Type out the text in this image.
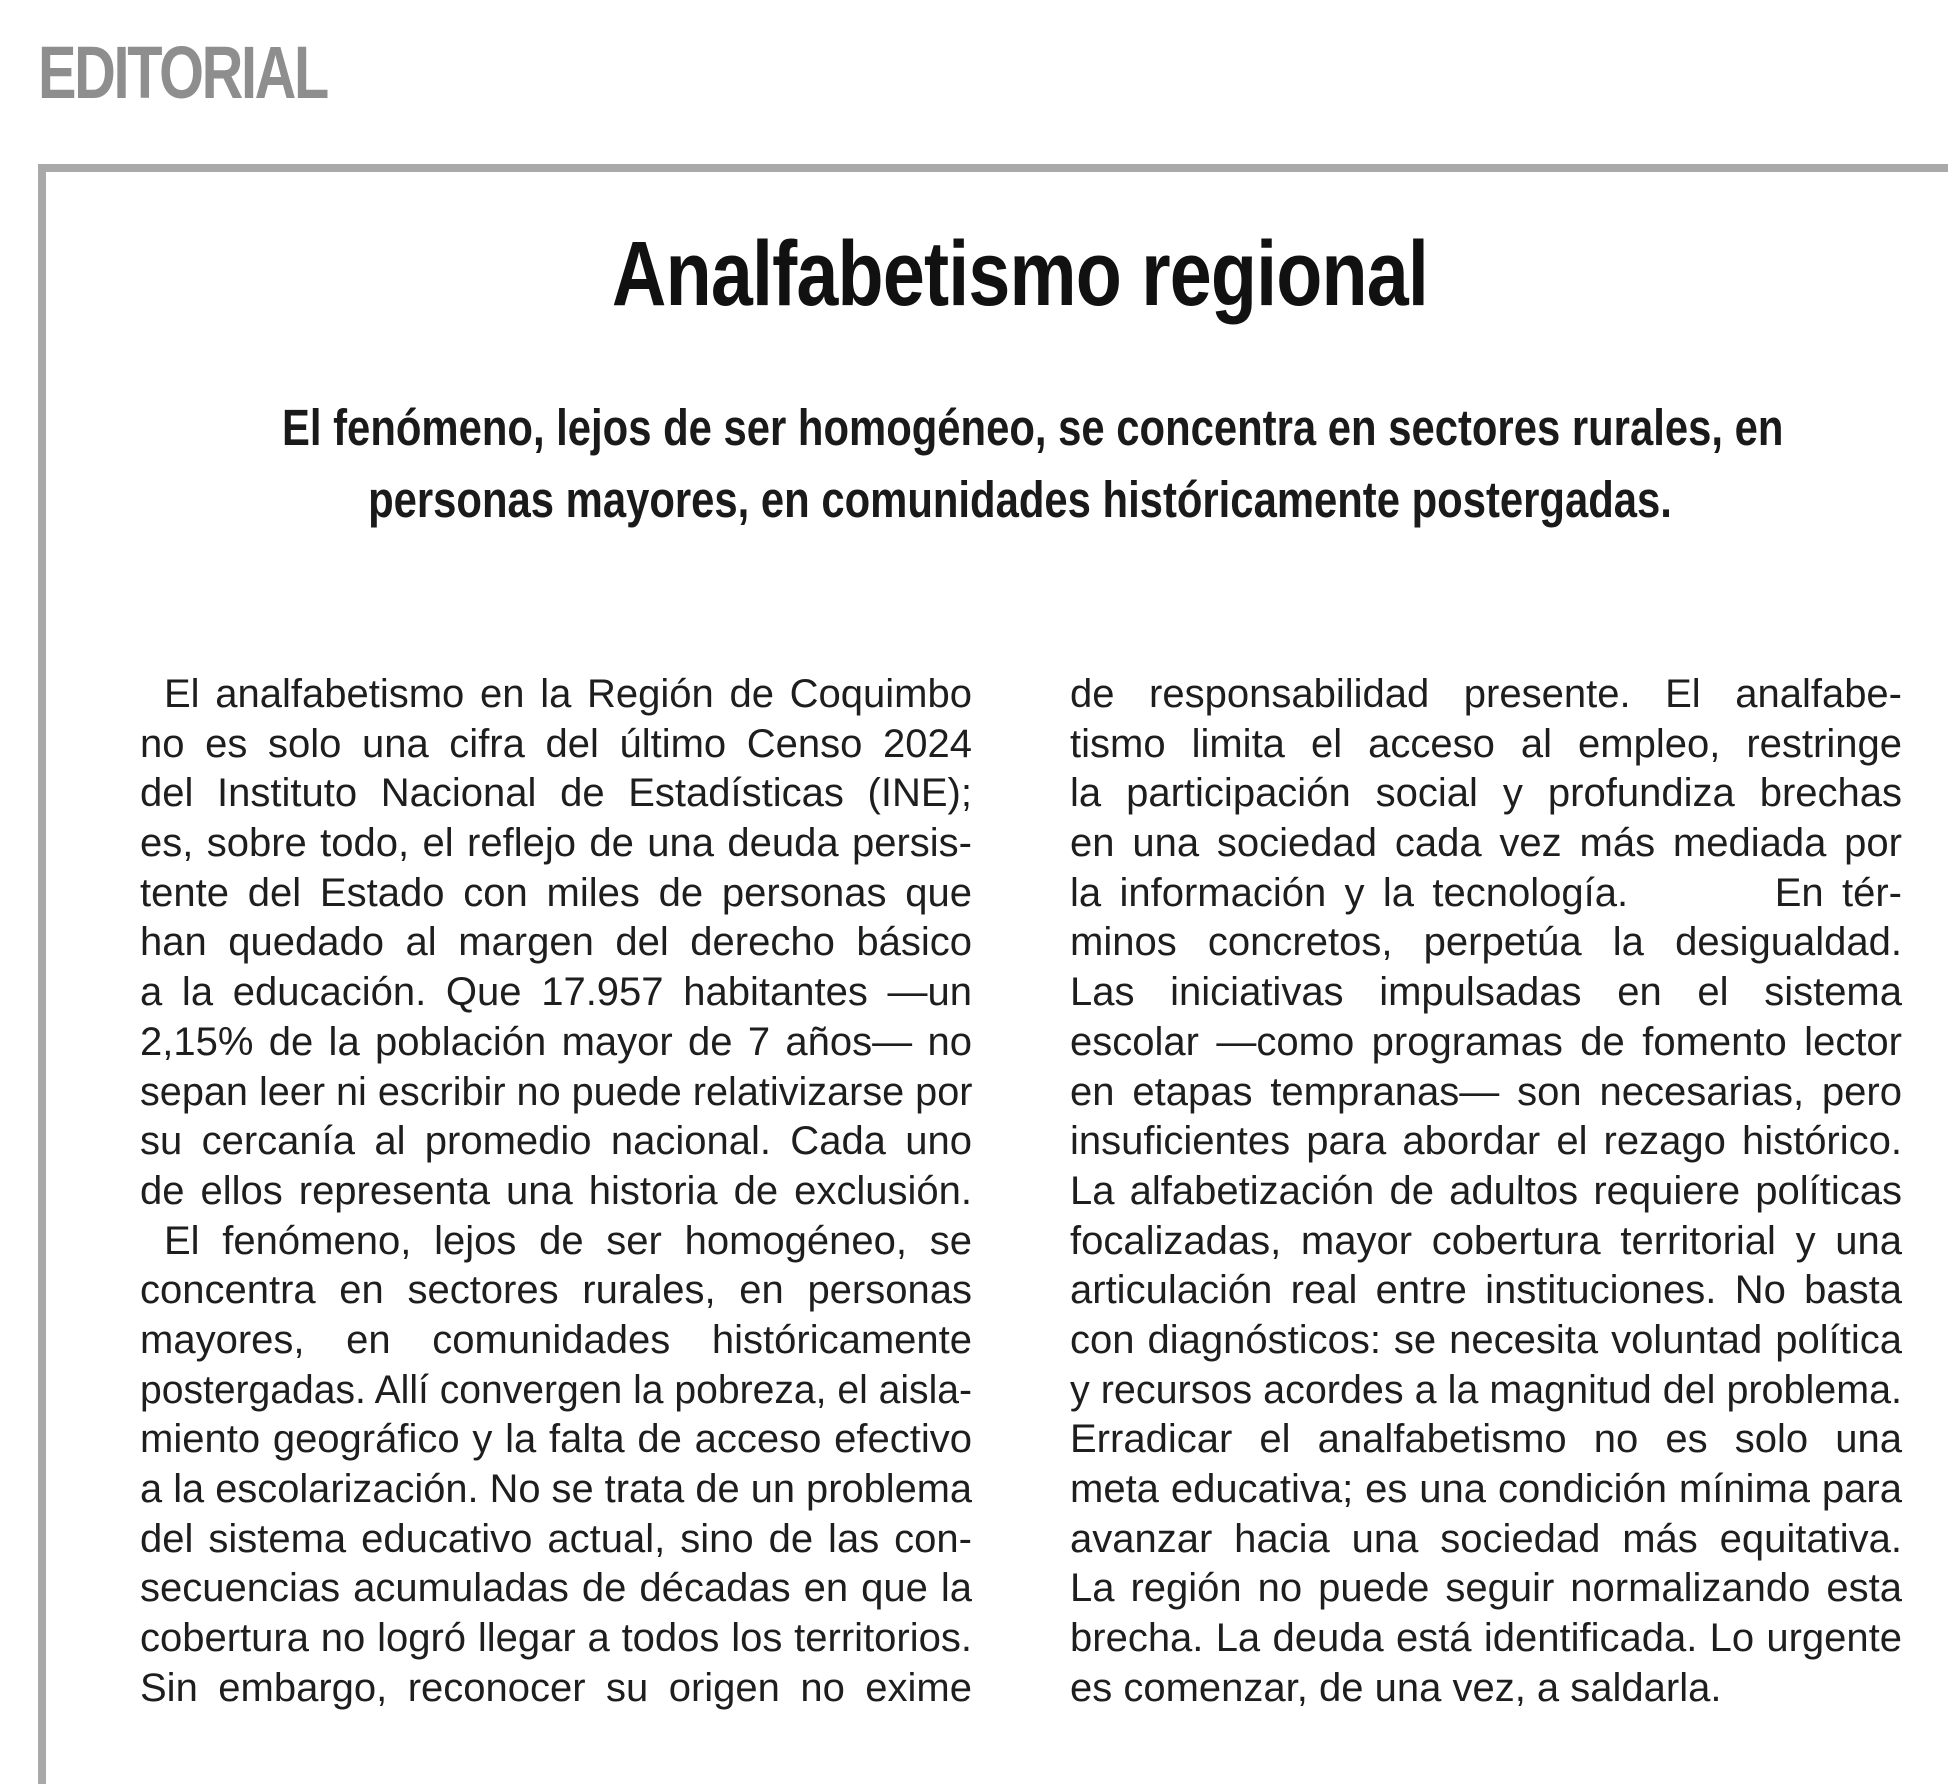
EDITORIAL
Analfabetismo regional
El fenómeno, lejos de ser homogéneo, se concentra en sectores rurales, en
personas mayores, en comunidades históricamente postergadas.
El analfabetismo en la Región de Coquimbo
no es solo una cifra del último Censo 2024
del Instituto Nacional de Estadísticas (INE);
es, sobre todo, el reflejo de una deuda persis-
tente del Estado con miles de personas que
han quedado al margen del derecho básico
a la educación. Que 17.957 habitantes —un
2,15% de la población mayor de 7 años— no
sepan leer ni escribir no puede relativizarse por
su cercanía al promedio nacional. Cada uno
de ellos representa una historia de exclusión.
El fenómeno, lejos de ser homogéneo, se
concentra en sectores rurales, en personas
mayores, en comunidades históricamente
postergadas. Allí convergen la pobreza, el aisla-
miento geográfico y la falta de acceso efectivo
a la escolarización. No se trata de un problema
del sistema educativo actual, sino de las con-
secuencias acumuladas de décadas en que la
cobertura no logró llegar a todos los territorios.
Sin embargo, reconocer su origen no exime
de responsabilidad presente. El analfabe-
tismo limita el acceso al empleo, restringe
la participación social y profundiza brechas
en una sociedad cada vez más mediada por
la información y la tecnología.        En tér-
minos concretos, perpetúa la desigualdad.
Las iniciativas impulsadas en el sistema
escolar —como programas de fomento lector
en etapas tempranas— son necesarias, pero
insuficientes para abordar el rezago histórico.
La alfabetización de adultos requiere políticas
focalizadas, mayor cobertura territorial y una
articulación real entre instituciones. No basta
con diagnósticos: se necesita voluntad política
y recursos acordes a la magnitud del problema.
Erradicar el analfabetismo no es solo una
meta educativa; es una condición mínima para
avanzar hacia una sociedad más equitativa.
La región no puede seguir normalizando esta
brecha. La deuda está identificada. Lo urgente
es comenzar, de una vez, a saldarla.
